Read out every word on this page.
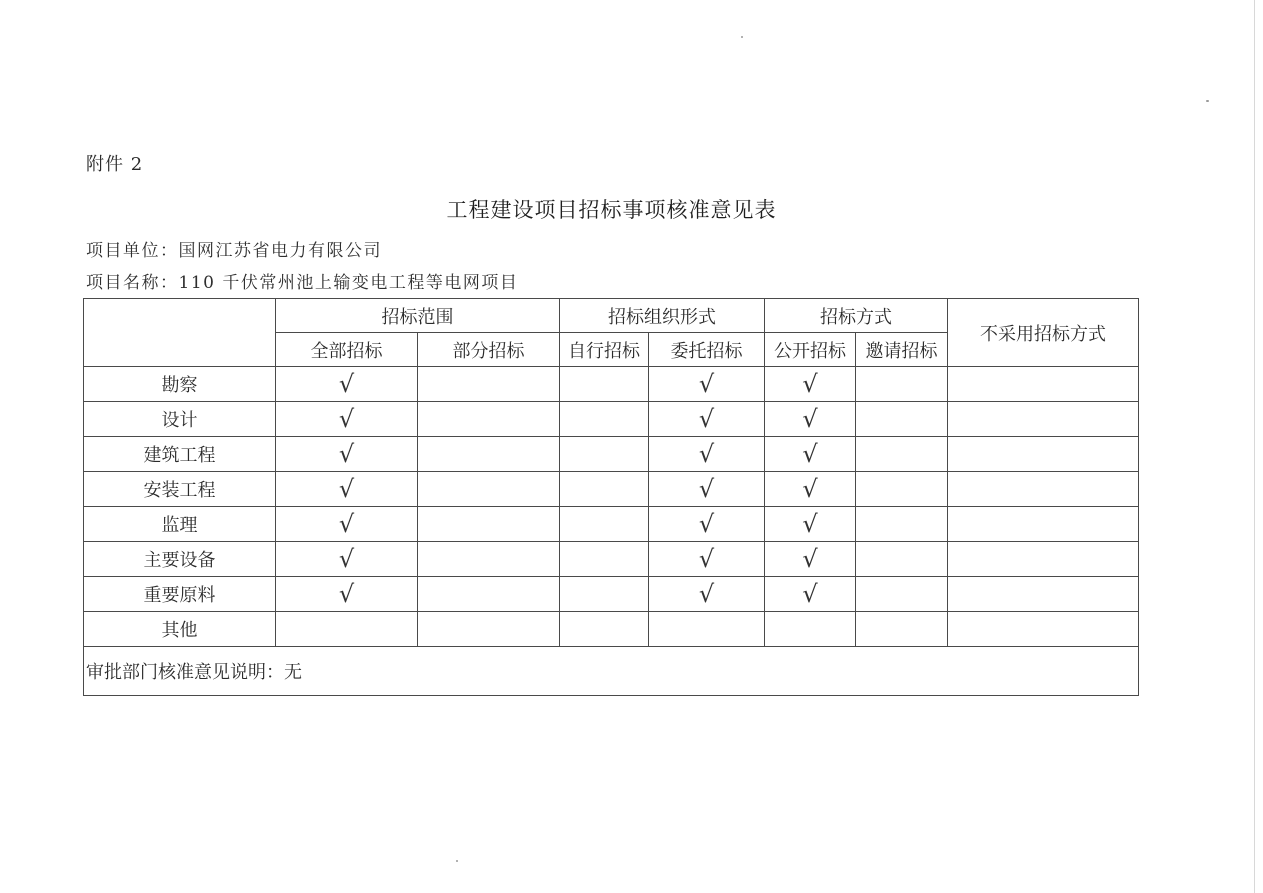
附件 2
工程建设项目招标事项核准意见表
项目单位：国网江苏省电力有限公司
项目名称：110 千伏常州池上输变电工程等电网项目
	招标范围		招标组织形式		招标方式		不采用招标方式
	全部招标	部分招标	自行招标	委托招标	公开招标	邀请招标	
勘察	√			√	√		
设计	√			√	√		
建筑工程	√			√	√		
安装工程	√			√	√		
监理	√			√	√		
主要设备	√			√	√		
重要原料	√			√	√		
其他							
审批部门核准意见说明：无							
